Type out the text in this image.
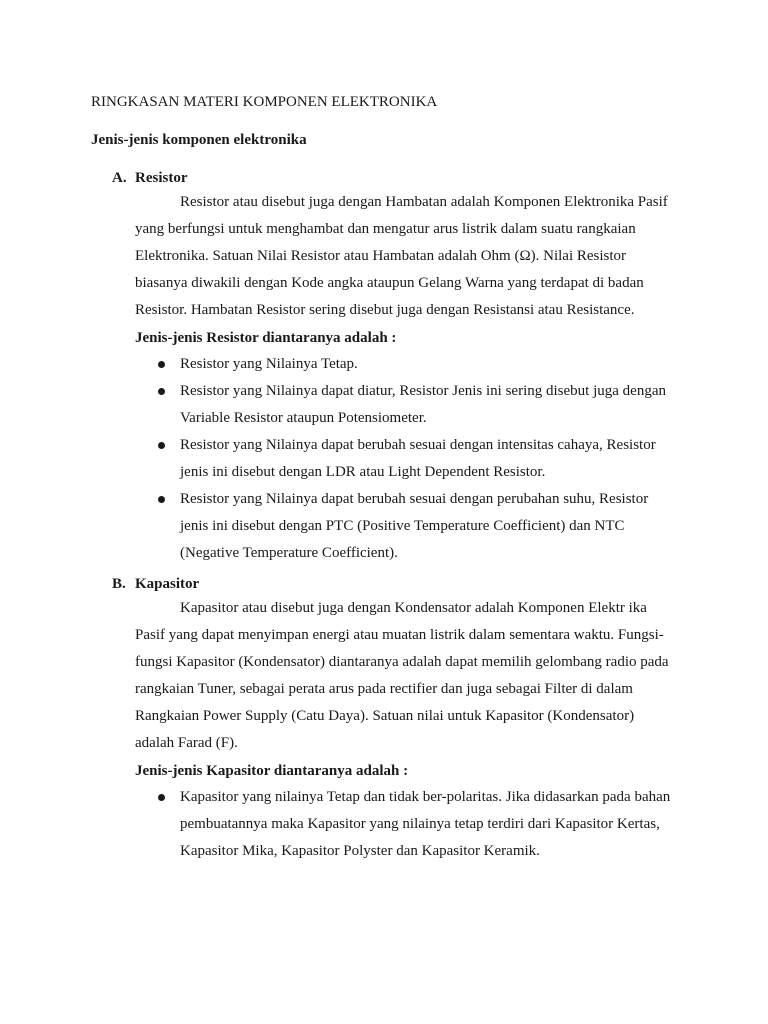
RINGKASAN MATERI KOMPONEN ELEKTRONIKA
Jenis-jenis komponen elektronika
A. Resistor
Resistor atau disebut juga dengan Hambatan adalah Komponen Elektronika Pasif
yang berfungsi untuk menghambat dan mengatur arus listrik dalam suatu rangkaian
Elektronika. Satuan Nilai Resistor atau Hambatan adalah Ohm (Ω). Nilai Resistor
biasanya diwakili dengan Kode angka ataupun Gelang Warna yang terdapat di badan
Resistor. Hambatan Resistor sering disebut juga dengan Resistansi atau Resistance.
Jenis-jenis Resistor diantaranya adalah :
Resistor yang Nilainya Tetap.
Resistor yang Nilainya dapat diatur, Resistor Jenis ini sering disebut juga dengan
Variable Resistor ataupun Potensiometer.
Resistor yang Nilainya dapat berubah sesuai dengan intensitas cahaya, Resistor
jenis ini disebut dengan LDR atau Light Dependent Resistor.
Resistor yang Nilainya dapat berubah sesuai dengan perubahan suhu, Resistor
jenis ini disebut dengan PTC (Positive Temperature Coefficient) dan NTC
(Negative Temperature Coefficient).
B. Kapasitor
Kapasitor atau disebut juga dengan Kondensator adalah Komponen Elektr ika
Pasif yang dapat menyimpan energi atau muatan listrik dalam sementara waktu. Fungsi-
fungsi Kapasitor (Kondensator) diantaranya adalah dapat memilih gelombang radio pada
rangkaian Tuner, sebagai perata arus pada rectifier dan juga sebagai Filter di dalam
Rangkaian Power Supply (Catu Daya). Satuan nilai untuk Kapasitor (Kondensator)
adalah Farad (F).
Jenis-jenis Kapasitor diantaranya adalah :
Kapasitor yang nilainya Tetap dan tidak ber-polaritas. Jika didasarkan pada bahan
pembuatannya maka Kapasitor yang nilainya tetap terdiri dari Kapasitor Kertas,
Kapasitor Mika, Kapasitor Polyster dan Kapasitor Keramik.
